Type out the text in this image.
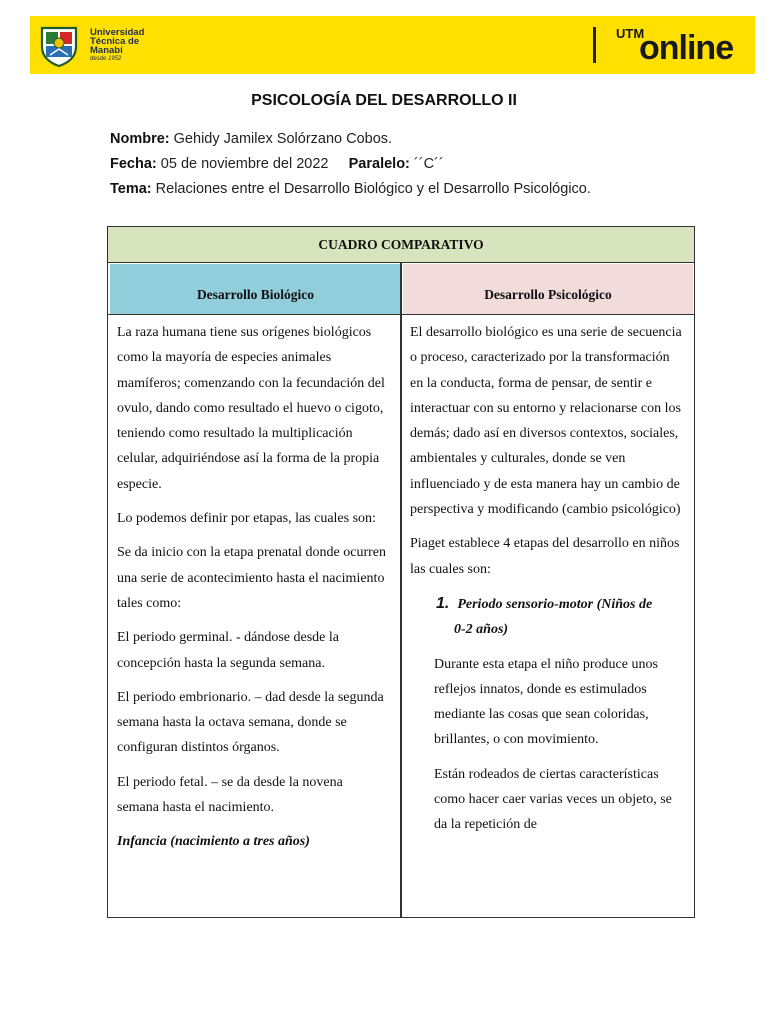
Universidad
Técnica de
Manabí
desde 1952
UTM
online
PSICOLOGÍA DEL DESARROLLO II
Nombre: Gehidy Jamilex Solórzano Cobos.
Fecha: 05 de noviembre del 2022 Paralelo: ´´C´´
Tema: Relaciones entre el Desarrollo Biológico y el Desarrollo Psicológico.
CUADRO COMPARATIVO
Desarrollo Biológico	Desarrollo Psicológico

La raza humana tiene sus orígenes biológicos como la mayoría de especies animales mamíferos; comenzando con la fecundación del ovulo, dando como resultado el huevo o cigoto, teniendo como resultado la multiplicación celular, adquiriéndose así la forma de la propia especie.

Lo podemos definir por etapas, las cuales son:

Se da inicio con la etapa prenatal donde ocurren una serie de acontecimiento hasta el nacimiento tales como:

El periodo germinal. - dándose desde la concepción hasta la segunda semana.

El periodo embrionario. – dad desde la segunda semana hasta la octava semana, donde se configuran distintos órganos.

El periodo fetal. – se da desde la novena semana hasta el nacimiento.

Infancia (nacimiento a tres años)

El desarrollo biológico es una serie de secuencia o proceso, caracterizado por la transformación en la conducta, forma de pensar, de sentir e interactuar con su entorno y relacionarse con los demás; dado así en diversos contextos, sociales, ambientales y culturales, donde se ven influenciado y de esta manera hay un cambio de perspectiva y modificando (cambio psicológico)

Piaget establece 4 etapas del desarrollo en niños las cuales son:

1. Periodo sensorio-motor (Niños de
0-2 años)

Durante esta etapa el niño produce unos reflejos innatos, donde es estimulados mediante las cosas que sean coloridas, brillantes, o con movimiento.

Están rodeados de ciertas características como hacer caer varias veces un objeto, se da la repetición de
